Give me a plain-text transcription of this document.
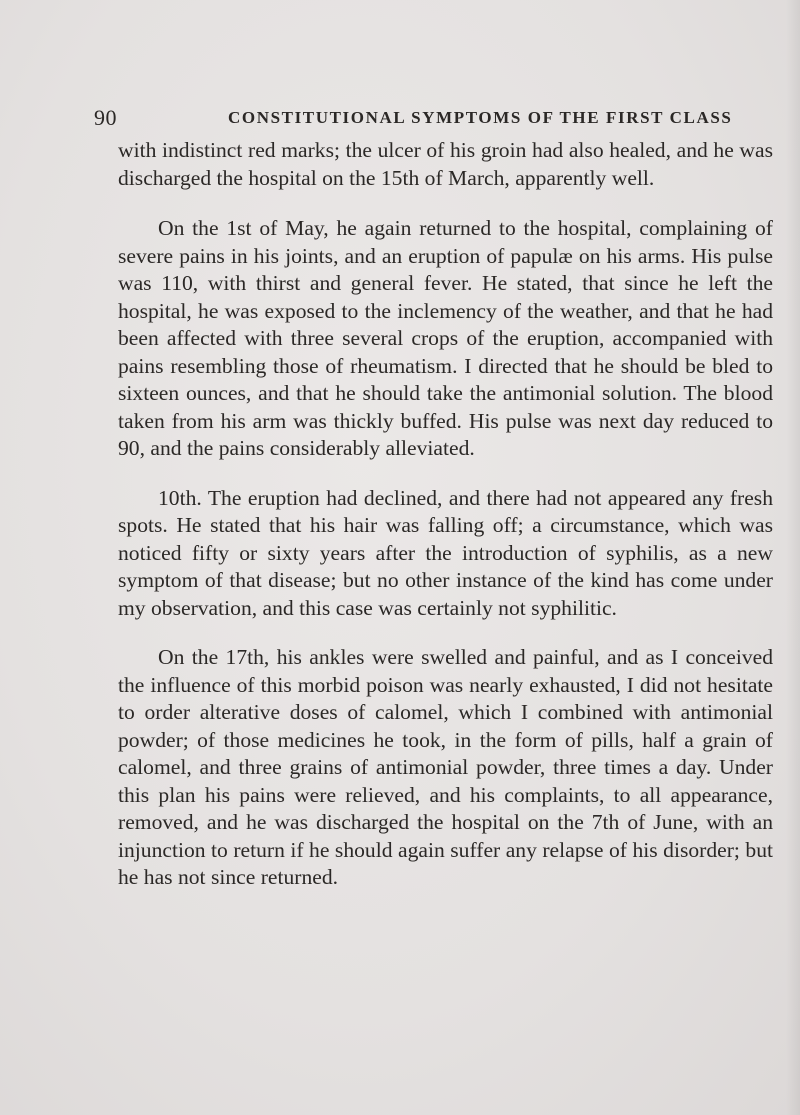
90	CONSTITUTIONAL SYMPTOMS OF THE FIRST CLASS

with indistinct red marks; the ulcer of his groin had also healed, and he was discharged the hospital on the 15th of March, apparently well.

On the 1st of May, he again returned to the hospital, complaining of severe pains in his joints, and an eruption of papulæ on his arms. His pulse was 110, with thirst and general fever. He stated, that since he left the hospital, he was exposed to the inclemency of the weather, and that he had been affected with three several crops of the eruption, accompanied with pains resembling those of rheumatism. I directed that he should be bled to sixteen ounces, and that he should take the antimonial solution. The blood taken from his arm was thickly buffed. His pulse was next day reduced to 90, and the pains considerably alleviated.

10th. The eruption had declined, and there had not appeared any fresh spots. He stated that his hair was falling off; a circumstance, which was noticed fifty or sixty years after the introduction of syphilis, as a new symptom of that disease; but no other instance of the kind has come under my observation, and this case was certainly not syphilitic.

On the 17th, his ankles were swelled and painful, and as I conceived the influence of this morbid poison was nearly exhausted, I did not hesitate to order alterative doses of calomel, which I combined with antimonial powder; of those medicines he took, in the form of pills, half a grain of calomel, and three grains of antimonial powder, three times a day. Under this plan his pains were relieved, and his complaints, to all appearance, removed, and he was discharged the hospital on the 7th of June, with an injunction to return if he should again suffer any relapse of his disorder; but he has not since returned.
